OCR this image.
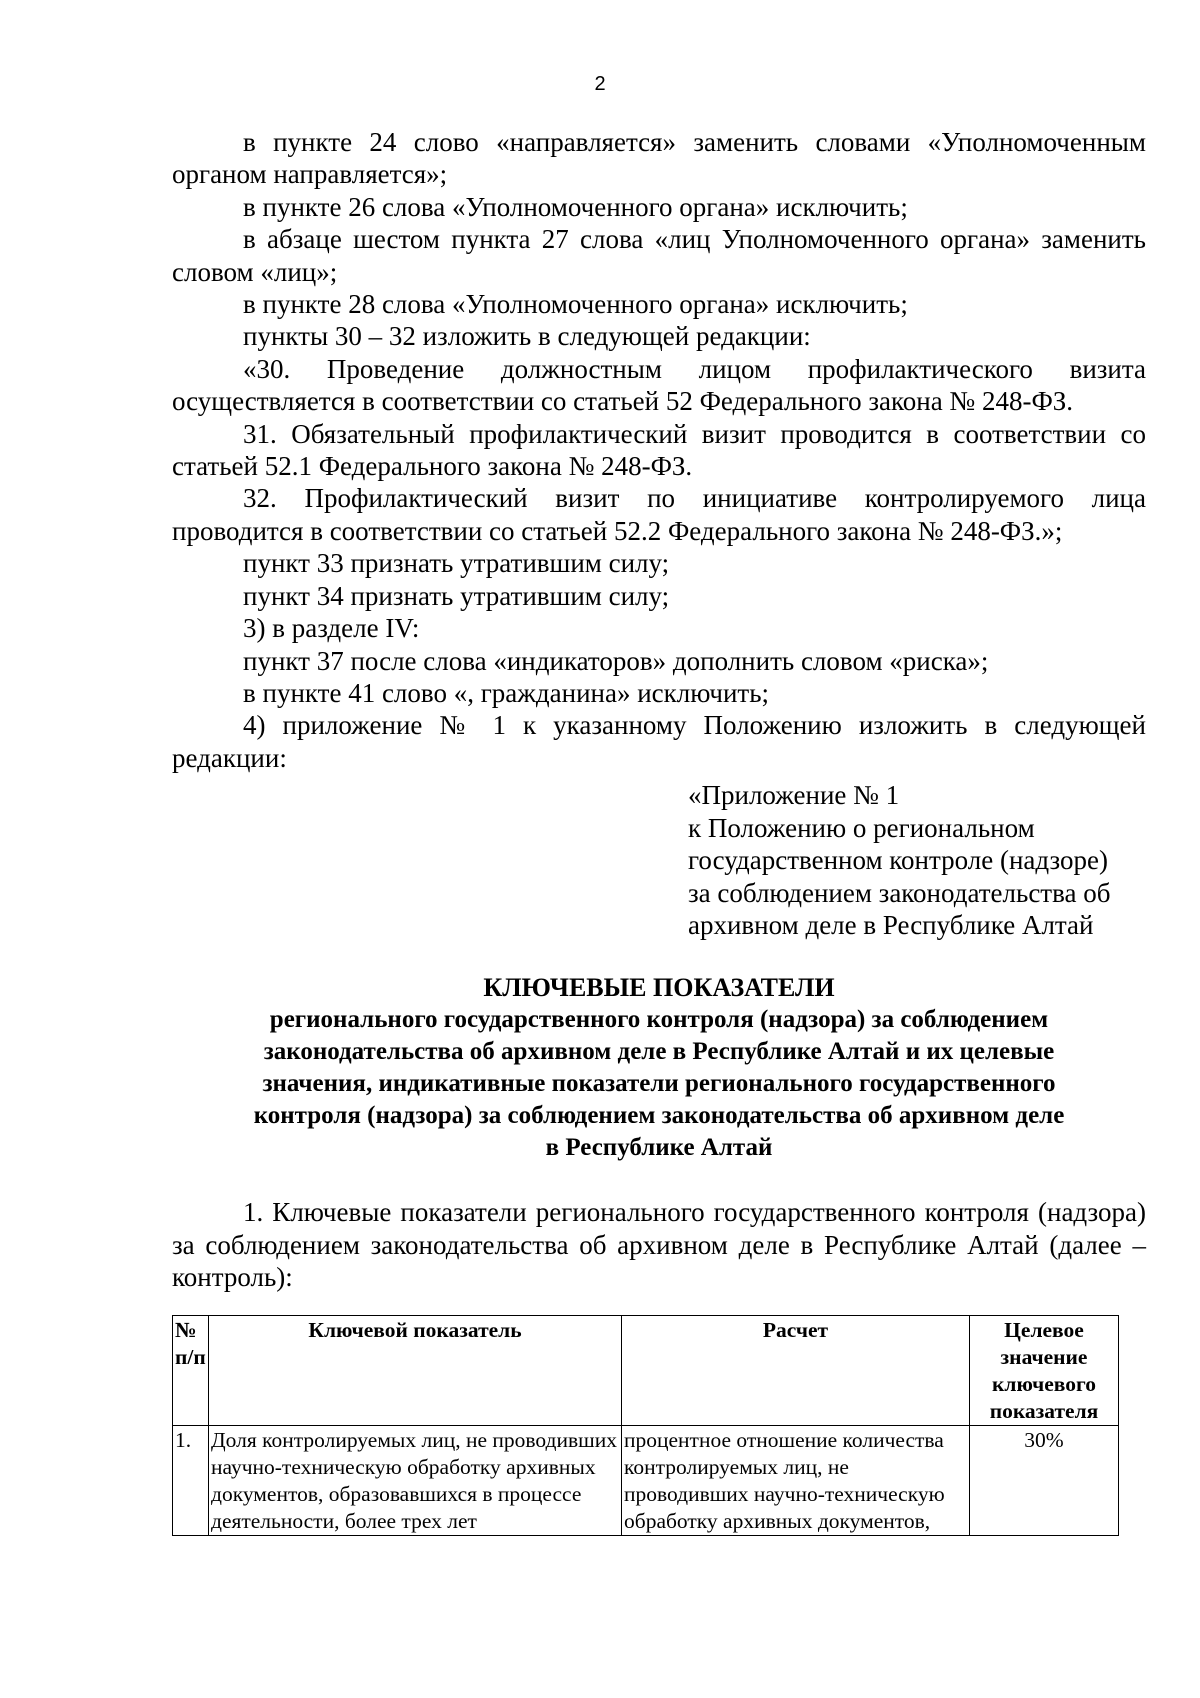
2

в пункте 24 слово «направляется» заменить словами «Уполномоченным органом направляется»;

в пункте 26 слова «Уполномоченного органа» исключить;

в абзаце шестом пункта 27 слова «лиц Уполномоченного органа» заменить словом «лиц»;

в пункте 28 слова «Уполномоченного органа» исключить;

пункты 30 – 32 изложить в следующей редакции:

«30. Проведение должностным лицом профилактического визита осуществляется в соответствии со статьей 52 Федерального закона № 248-ФЗ.

31. Обязательный профилактический визит проводится в соответствии со статьей 52.1 Федерального закона № 248-ФЗ.

32. Профилактический визит по инициативе контролируемого лица проводится в соответствии со статьей 52.2 Федерального закона № 248-ФЗ.»;

пункт 33 признать утратившим силу;

пункт 34 признать утратившим силу;

3) в разделе IV:

пункт 37 после слова «индикаторов» дополнить словом «риска»;

в пункте 41 слово «, гражданина» исключить;

4) приложение № 1 к указанному Положению изложить в следующей редакции:

«Приложение № 1
к Положению о региональном
государственном контроле (надзоре)
за соблюдением законодательства об
архивном деле в Республике Алтай
КЛЮЧЕВЫЕ ПОКАЗАТЕЛИ
регионального государственного контроля (надзора) за соблюдением
законодательства об архивном деле в Республике Алтай и их целевые
значения, индикативные показатели регионального государственного
контроля (надзора) за соблюдением законодательства об архивном деле
в Республике Алтай

1. Ключевые показатели регионального государственного контроля (надзора) за соблюдением законодательства об архивном деле в Республике Алтай (далее – контроль):

№ п/п	Ключевой показатель	Расчет	Целевое значение ключевого показателя
1.	Доля контролируемых лиц, не проводивших научно-техническую обработку архивных документов, образовавшихся в процессе деятельности, более трех лет	процентное отношение количества контролируемых лиц, не проводивших научно-техническую обработку архивных документов,	30%
